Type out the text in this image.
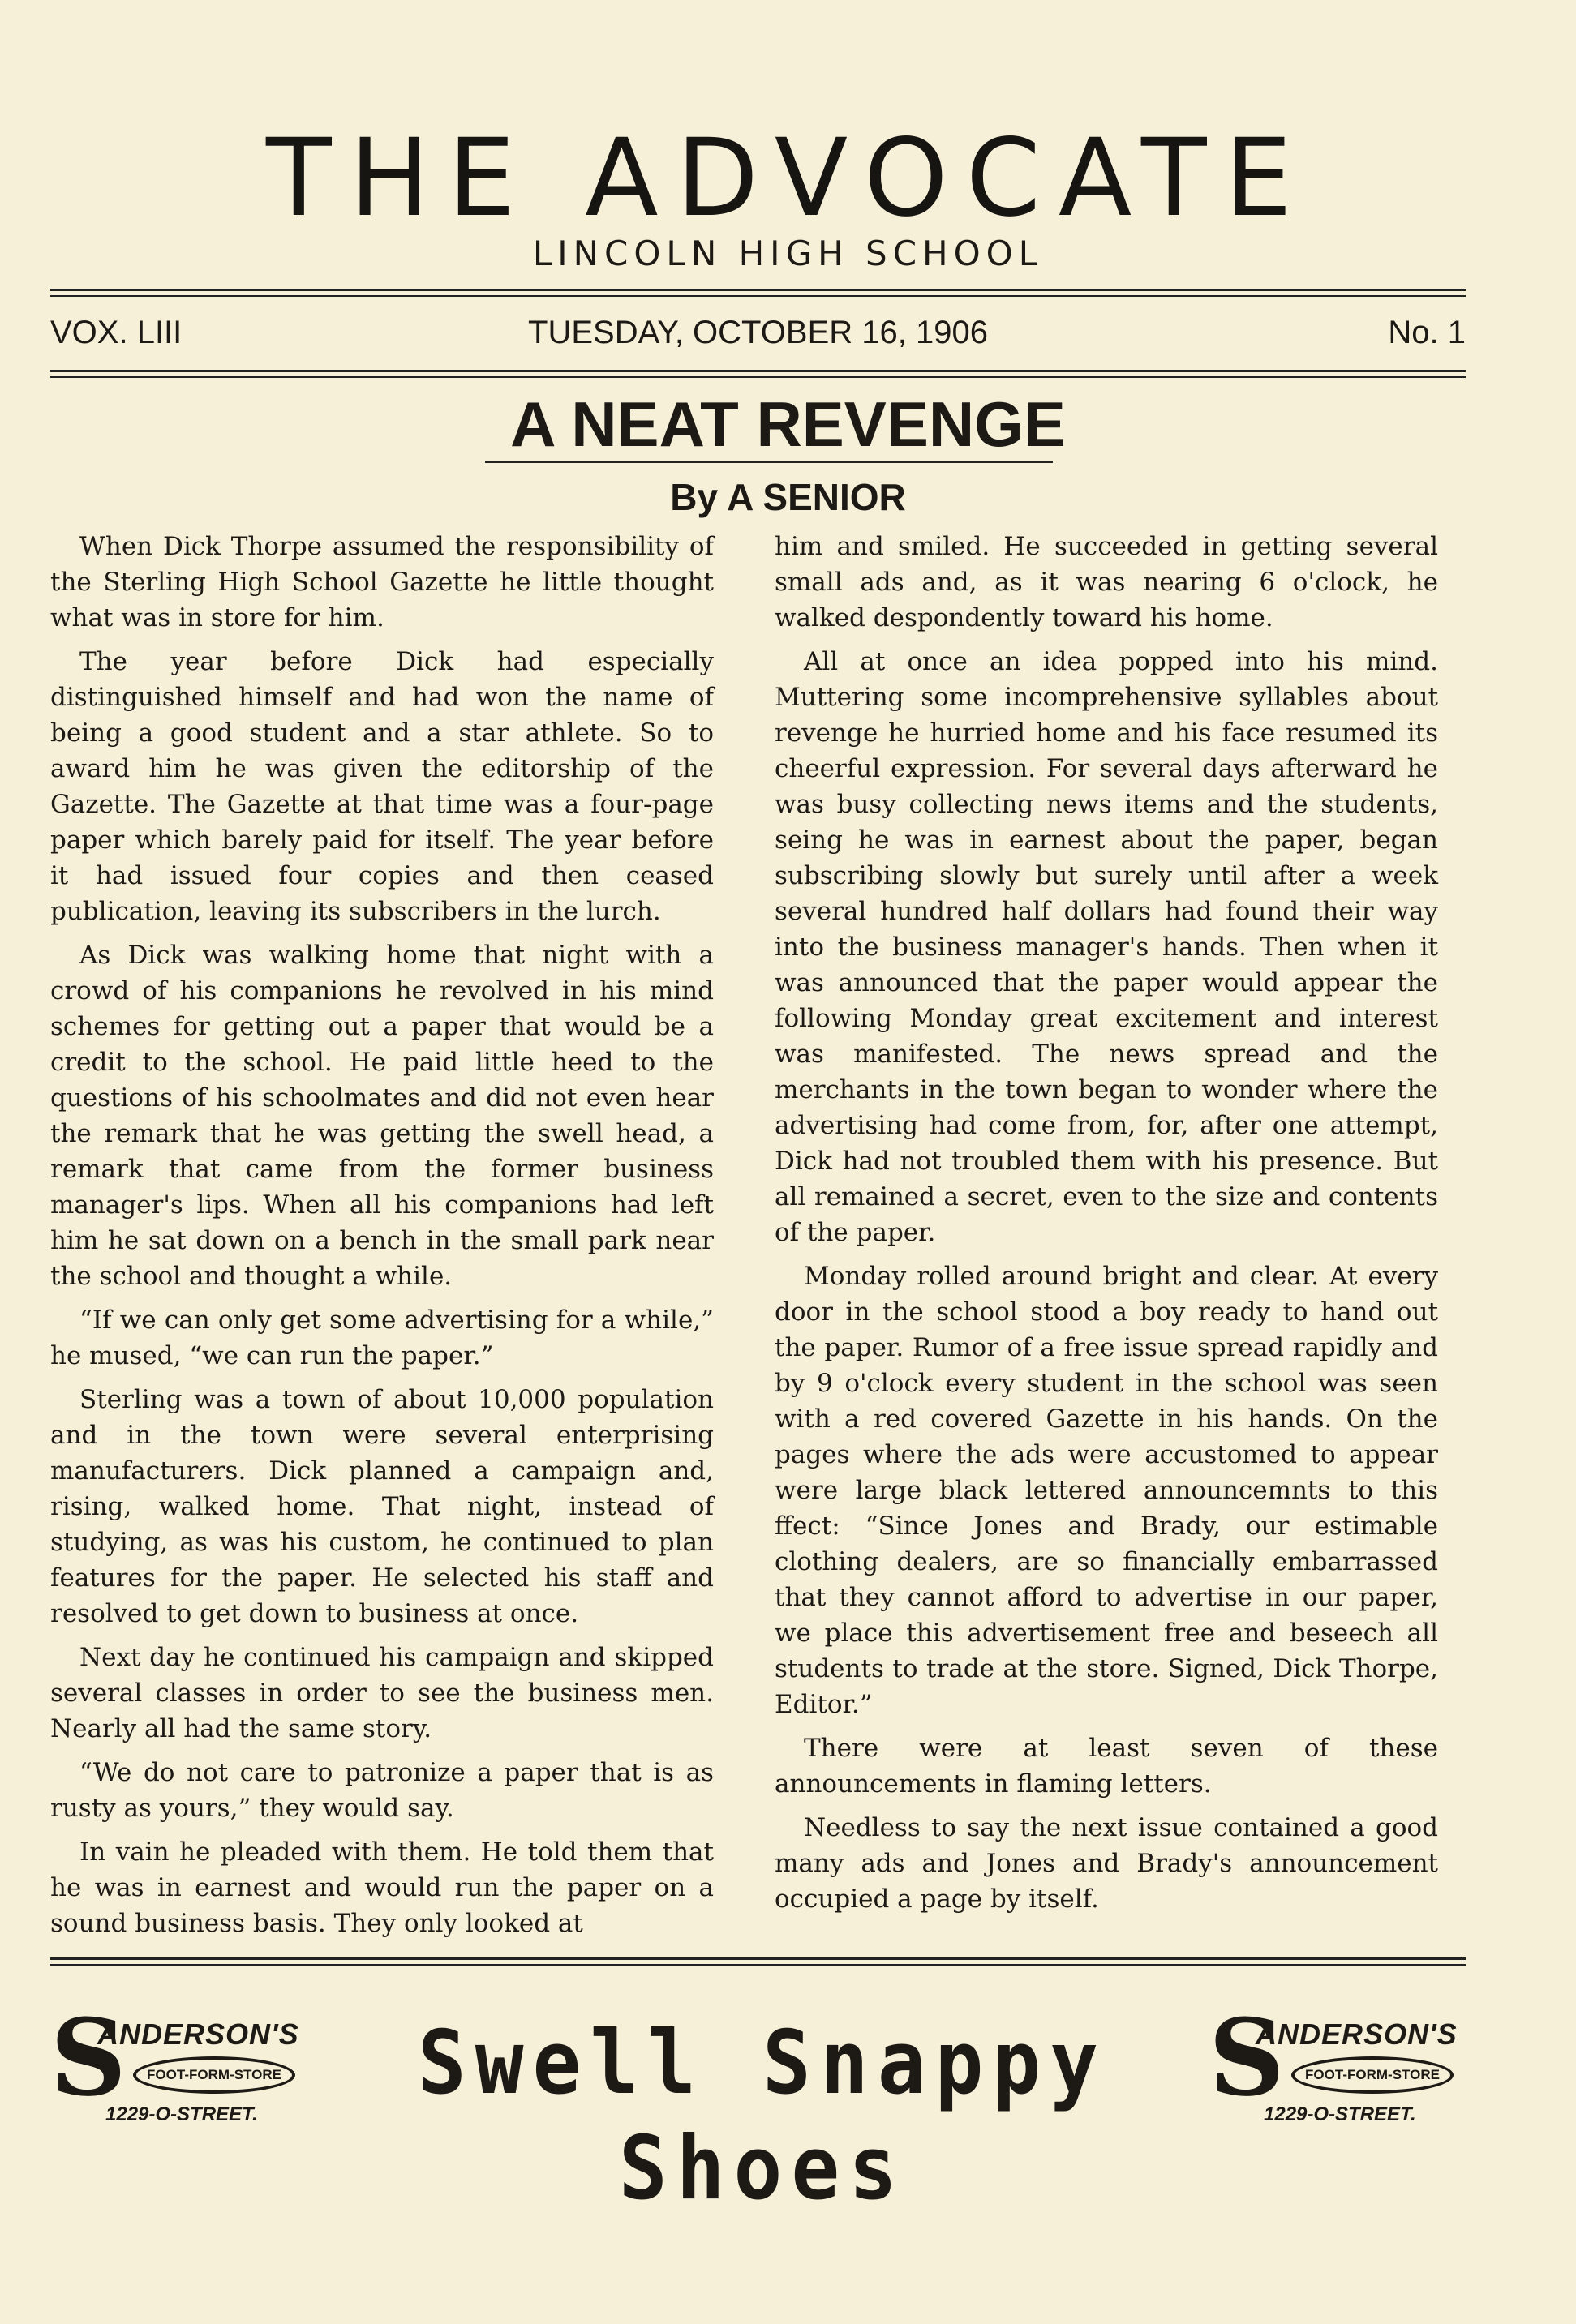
THE ADVOCATE
LINCOLN HIGH SCHOOL
TUESDAY, OCTOBER 16, 1906
VOX. LIII	No. 1
A NEAT REVENGE
By A SENIOR

When Dick Thorpe assumed the responsibility of the Sterling High School Gazette he little thought what was in store for him.

The year before Dick had especially distinguished himself and had won the name of being a good student and a star athlete. So to award him he was given the editorship of the Gazette. The Gazette at that time was a four-page paper which barely paid for itself. The year before it had issued four copies and then ceased publication, leaving its subscribers in the lurch.

As Dick was walking home that night with a crowd of his companions he revolved in his mind schemes for getting out a paper that would be a credit to the school. He paid little heed to the questions of his schoolmates and did not even hear the remark that he was getting the swell head, a remark that came from the former business manager's lips. When all his companions had left him he sat down on a bench in the small park near the school and thought a while.

“If we can only get some advertising for a while,” he mused, “we can run the paper.”

Sterling was a town of about 10,000 population and in the town were several enterprising manufacturers. Dick planned a campaign and, rising, walked home. That night, instead of studying, as was his custom, he continued to plan features for the paper. He selected his staff and resolved to get down to business at once.

Next day he continued his campaign and skipped several classes in order to see the business men. Nearly all had the same story.

“We do not care to patronize a paper that is as rusty as yours,” they would say.

In vain he pleaded with them. He told them that he was in earnest and would run the paper on a sound business basis. They only looked at

him and smiled. He succeeded in getting several small ads and, as it was nearing 6 o'clock, he walked despondently toward his home.

All at once an idea popped into his mind. Muttering some incomprehensive syllables about revenge he hurried home and his face resumed its cheerful expression. For several days afterward he was busy collecting news items and the students, seing he was in earnest about the paper, began subscribing slowly but surely until after a week several hundred half dollars had found their way into the business manager's hands. Then when it was announced that the paper would appear the following Monday great excitement and interest was manifested. The news spread and the merchants in the town began to wonder where the advertising had come from, for, after one attempt, Dick had not troubled them with his presence. But all remained a secret, even to the size and contents of the paper.

Monday rolled around bright and clear. At every door in the school stood a boy ready to hand out the paper. Rumor of a free issue spread rapidly and by 9 o'clock every student in the school was seen with a red covered Gazette in his hands. On the pages where the ads were accustomed to appear were large black lettered announcemnts to this ffect: “Since Jones and Brady, our estimable clothing dealers, are so financially embarrassed that they cannot afford to advertise in our paper, we place this advertisement free and beseech all students to trade at the store. Signed, Dick Thorpe, Editor.”

There were at least seven of these announcements in flaming letters.

Needless to say the next issue contained a good many ads and Jones and Brady's announcement occupied a page by itself.

S
ANDERSON'S
FOOT-FORM-STORE
1229-O-STREET.
Swell Snappy Shoes
S
ANDERSON'S
FOOT-FORM-STORE
1229-O-STREET.
